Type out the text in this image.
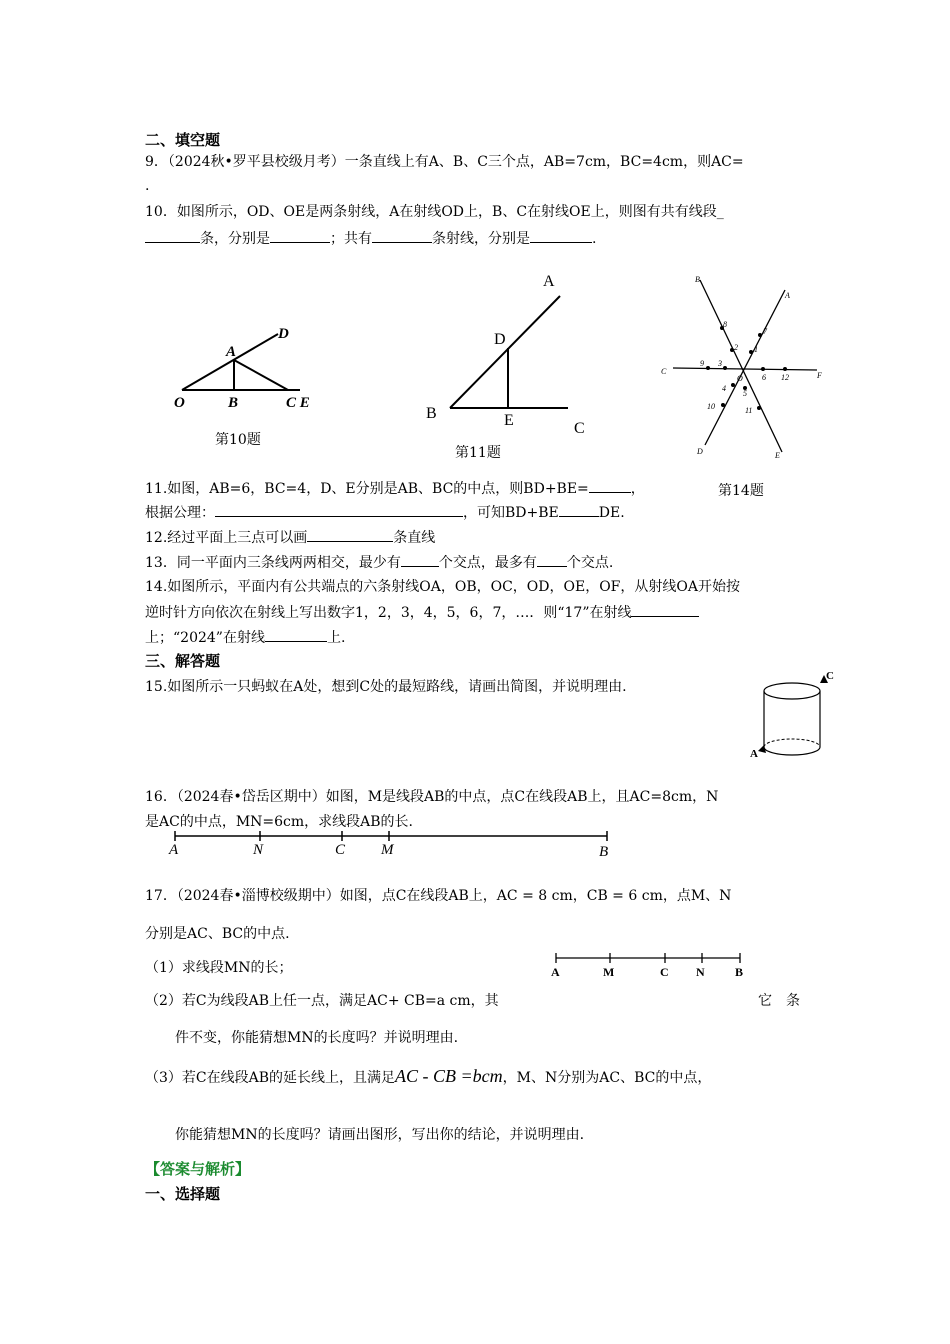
二、填空题
9．（2024秋•罗平县校级月考）一条直线上有A、B、C三个点，AB=7cm，BC=4cm，则AC=
.
10．如图所示，OD、OE是两条射线，A在射线OD上，B、C在射线OE上，则图有共有线段_
条，分别是	；共有	条射线，分别是	.
O	B	C E
A
D
第10题
A
D
B	E	C
第11题
B
A
C	F
O
D	E
1
2
3
4
5
6
7
8
9
10	11
12
第14题
11.如图，AB=6，BC=4，D、E分别是AB、BC的中点，则BD+BE=	，
根据公理：	，可知BD+BE	DE.
12.经过平面上三点可以画	条直线
13．同一平面内三条线两两相交，最少有	个交点，最多有 个交点.
14.如图所示，平面内有公共端点的六条射线OA，OB，OC，OD，OE，OF，从射线OA开始按
逆时针方向依次在射线上写出数字1，2，3，4，5，6，7，…．则“17”在射线
上；“2024”在射线	上.
三、解答题
15.如图所示一只蚂蚁在A处，想到C处的最短路线，请画出简图，并说明理由.
C
A
16．（2024春•岱岳区期中）如图，M是线段AB的中点，点C在线段AB上，且AC=8cm，N
是AC的中点，MN=6cm，求线段AB的长.
A	N	C M	B
17．（2024春•淄博校级期中）如图，点C在线段AB上，AC = 8 cm，CB = 6 cm，点M、N
分别是AC、BC的中点.
（1）求线段MN的长；	A	M	C N	B
（2）若C为线段AB上任一点，满足AC+ CB=a cm，其	它　条
件不变，你能猜想MN的长度吗？并说明理由.
（3）若C在线段AB的延长线上，且满足AC - CB =bcm，M、N分别为AC、BC的中点，
你能猜想MN的长度吗？请画出图形，写出你的结论，并说明理由.
【答案与解析】
一、选择题
